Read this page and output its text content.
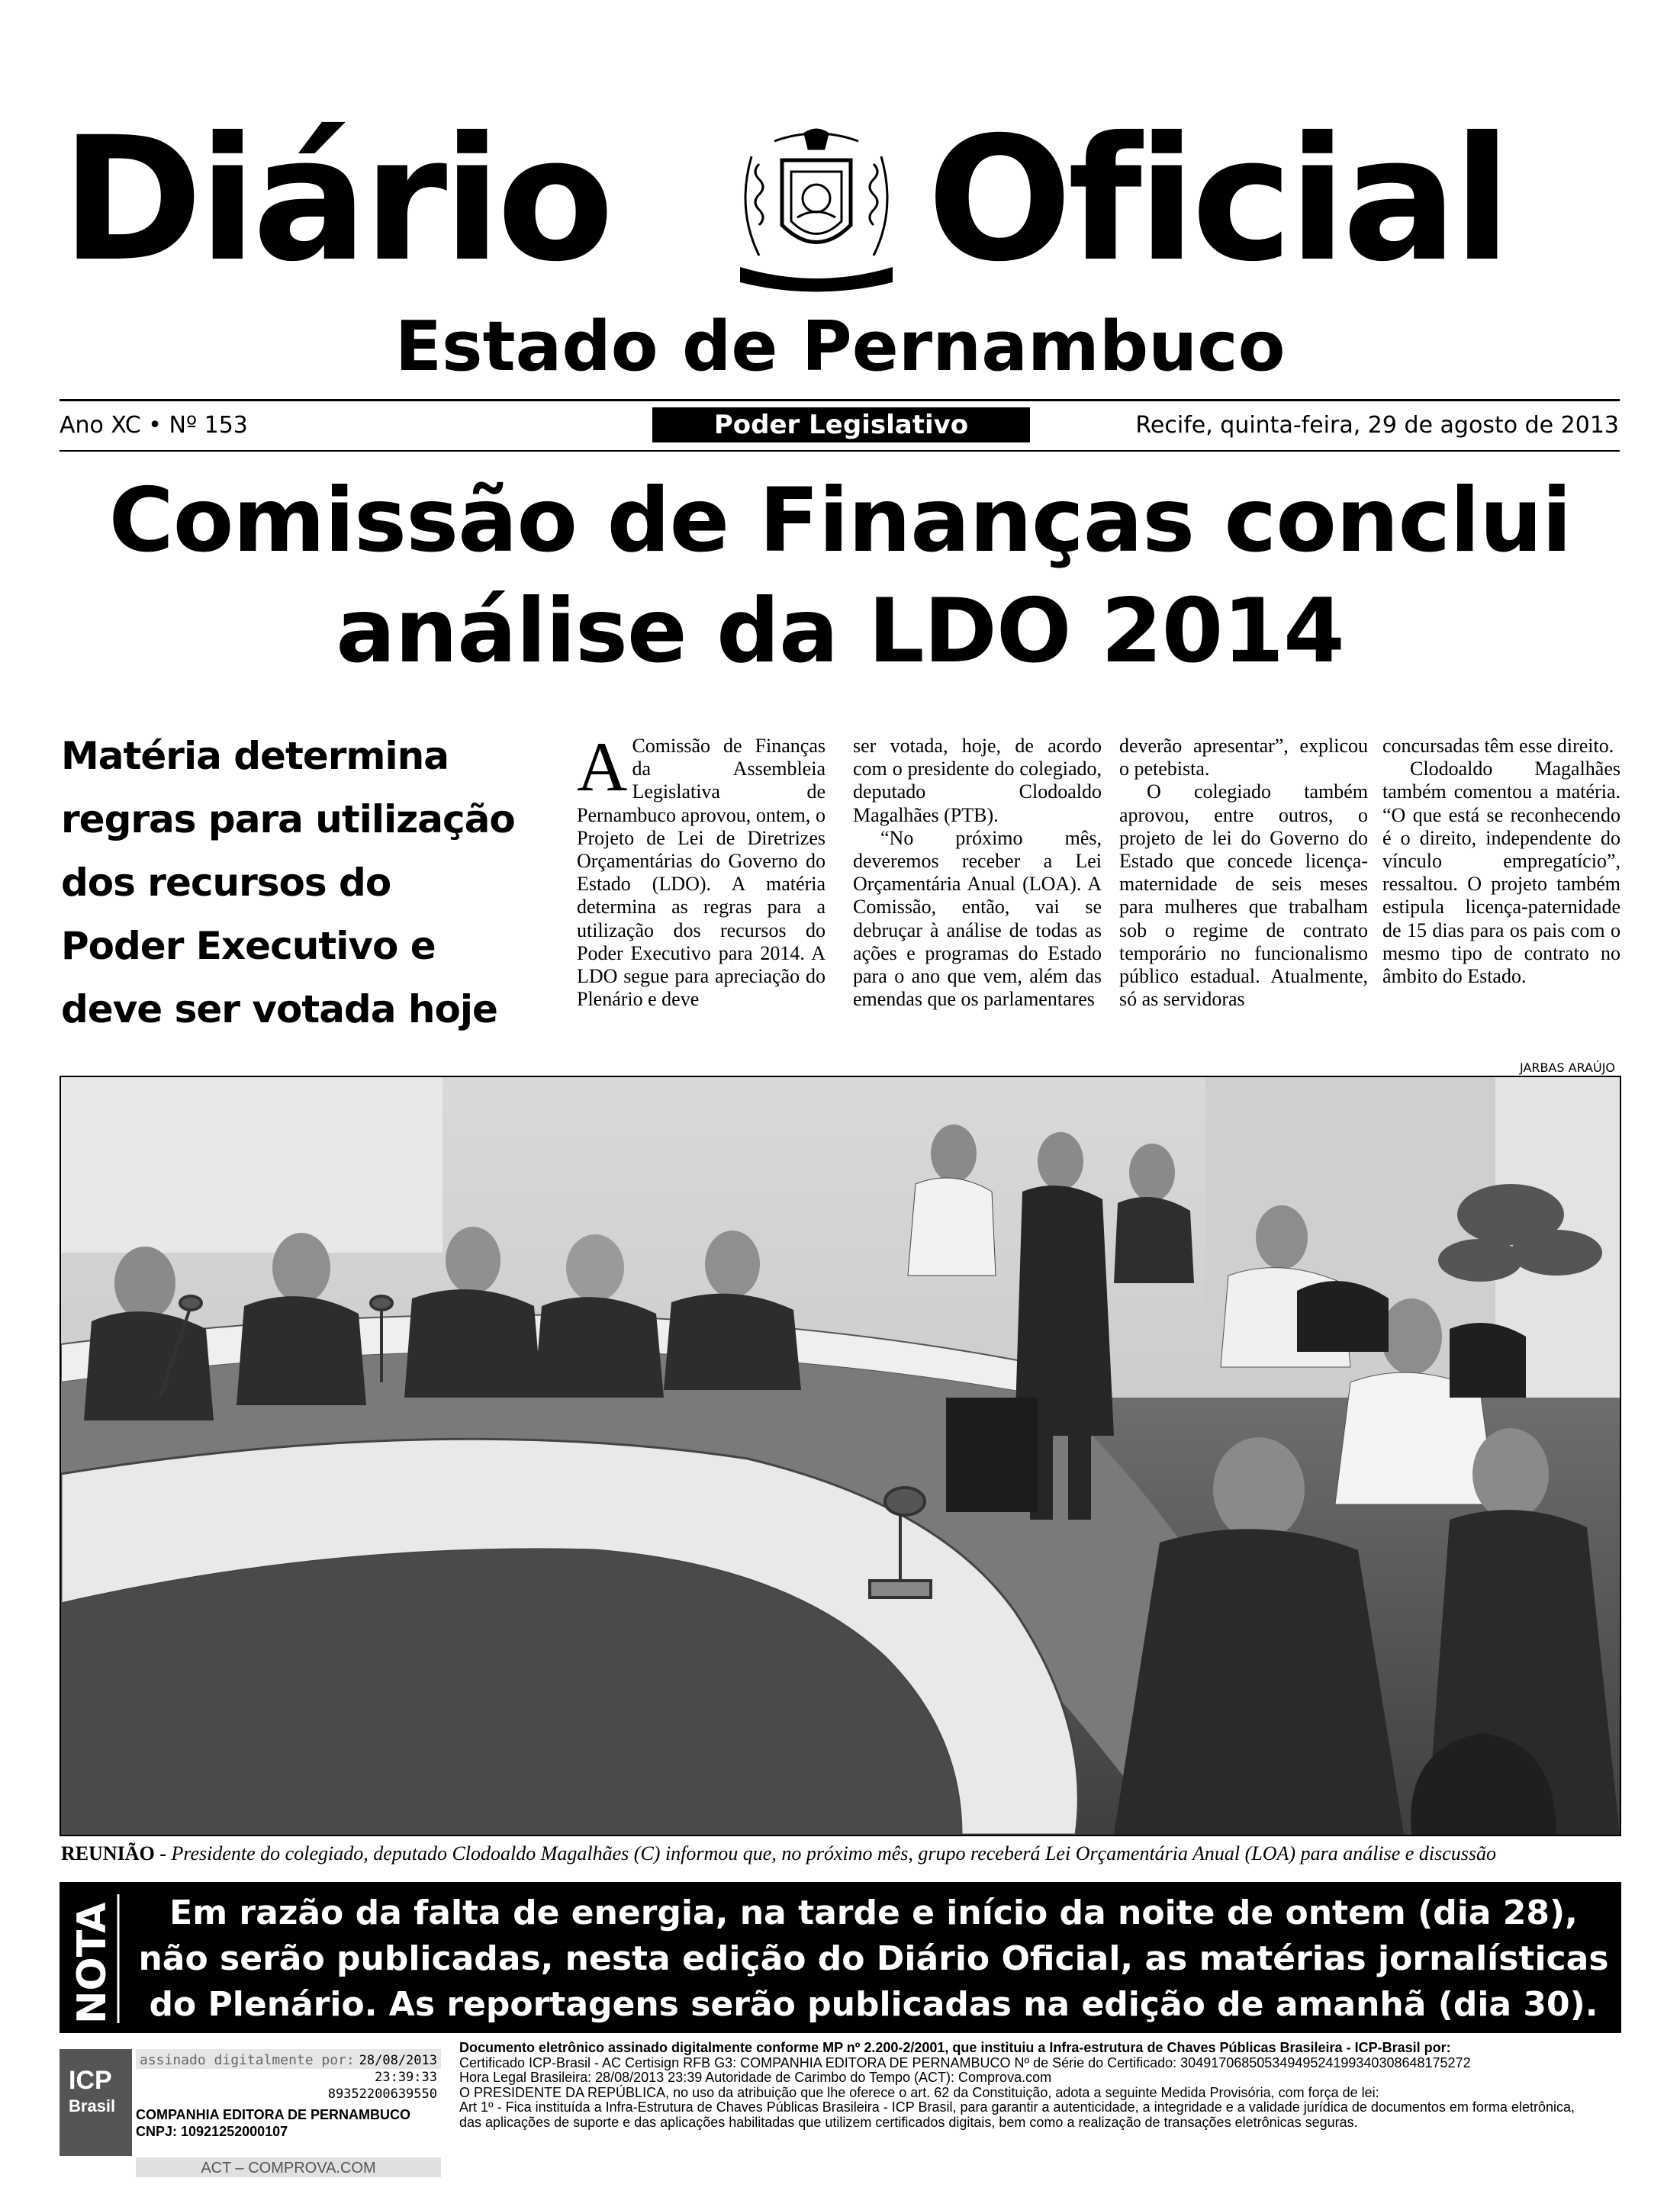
Diário Oficial
Estado de Pernambuco
Ano XC • Nº 153	Poder Legislativo	Recife, quinta-feira, 29 de agosto de 2013
Comissão de Finanças conclui
análise da LDO 2014
Matéria determina
regras para utilização
dos recursos do
Poder Executivo e
deve ser votada hoje

A Comissão de Finanças da Assembleia Legislativa de Pernambuco aprovou, ontem, o Projeto de Lei de Diretrizes Orçamentárias do Governo do Estado (LDO). A matéria determina as regras para a utilização dos recursos do Poder Executivo para 2014. A LDO segue para apreciação do Plenário e deve

ser votada, hoje, de acordo com o presidente do colegiado, deputado Clodoaldo Magalhães (PTB).

“No próximo mês, deveremos receber a Lei Orçamentária Anual (LOA). A Comissão, então, vai se debruçar à análise de todas as ações e programas do Estado para o ano que vem, além das emendas que os parlamentares

deverão apresentar”, explicou o petebista.

O colegiado também aprovou, entre outros, o projeto de lei do Governo do Estado que concede licença-maternidade de seis meses para mulheres que trabalham sob o regime de contrato temporário no funcionalismo público estadual. Atualmente, só as servidoras

concursadas têm esse direito.

Clodoaldo Magalhães também comentou a matéria. “O que está se reconhecendo é o direito, independente do vínculo empregatício”, ressaltou. O projeto também estipula licença-paternidade de 15 dias para os pais com o mesmo tipo de contrato no âmbito do Estado.

JARBAS ARAÚJO
REUNIÃO - Presidente do colegiado, deputado Clodoaldo Magalhães (C) informou que, no próximo mês, grupo receberá Lei Orçamentária Anual (LOA) para análise e discussão
NOTA	Em razão da falta de energia, na tarde e início da noite de ontem (dia 28),
não serão publicadas, nesta edição do Diário Oficial, as matérias jornalísticas
do Plenário. As reportagens serão publicadas na edição de amanhã (dia 30).
ICP
Brasil
assinado digitalmente por: 28/08/2013
23:39:33
89352200639550
COMPANHIA EDITORA DE PERNAMBUCO
CNPJ: 10921252000107
ACT – COMPROVA.COM
Documento eletrônico assinado digitalmente conforme MP nº 2.200-2/2001, que instituiu a Infra-estrutura de Chaves Públicas Brasileira - ICP-Brasil por:
Certificado ICP-Brasil - AC Certisign RFB G3: COMPANHIA EDITORA DE PERNAMBUCO Nº de Série do Certificado: 3049170685053494952419934030864817527​2
Hora Legal Brasileira: 28/08/2013 23:39 Autoridade de Carimbo do Tempo (ACT): Comprova.com
O PRESIDENTE DA REPÚBLICA, no uso da atribuição que lhe oferece o art. 62 da Constituição, adota a seguinte Medida Provisória, com força de lei:
Art 1º - Fica instituída a Infra-Estrutura de Chaves Públicas Brasileira - ICP Brasil, para garantir a autenticidade, a integridade e a validade jurídica de documentos em forma eletrônica,
das aplicações de suporte e das aplicações habilitadas que utilizem certificados digitais, bem como a realização de transações eletrônicas seguras.
